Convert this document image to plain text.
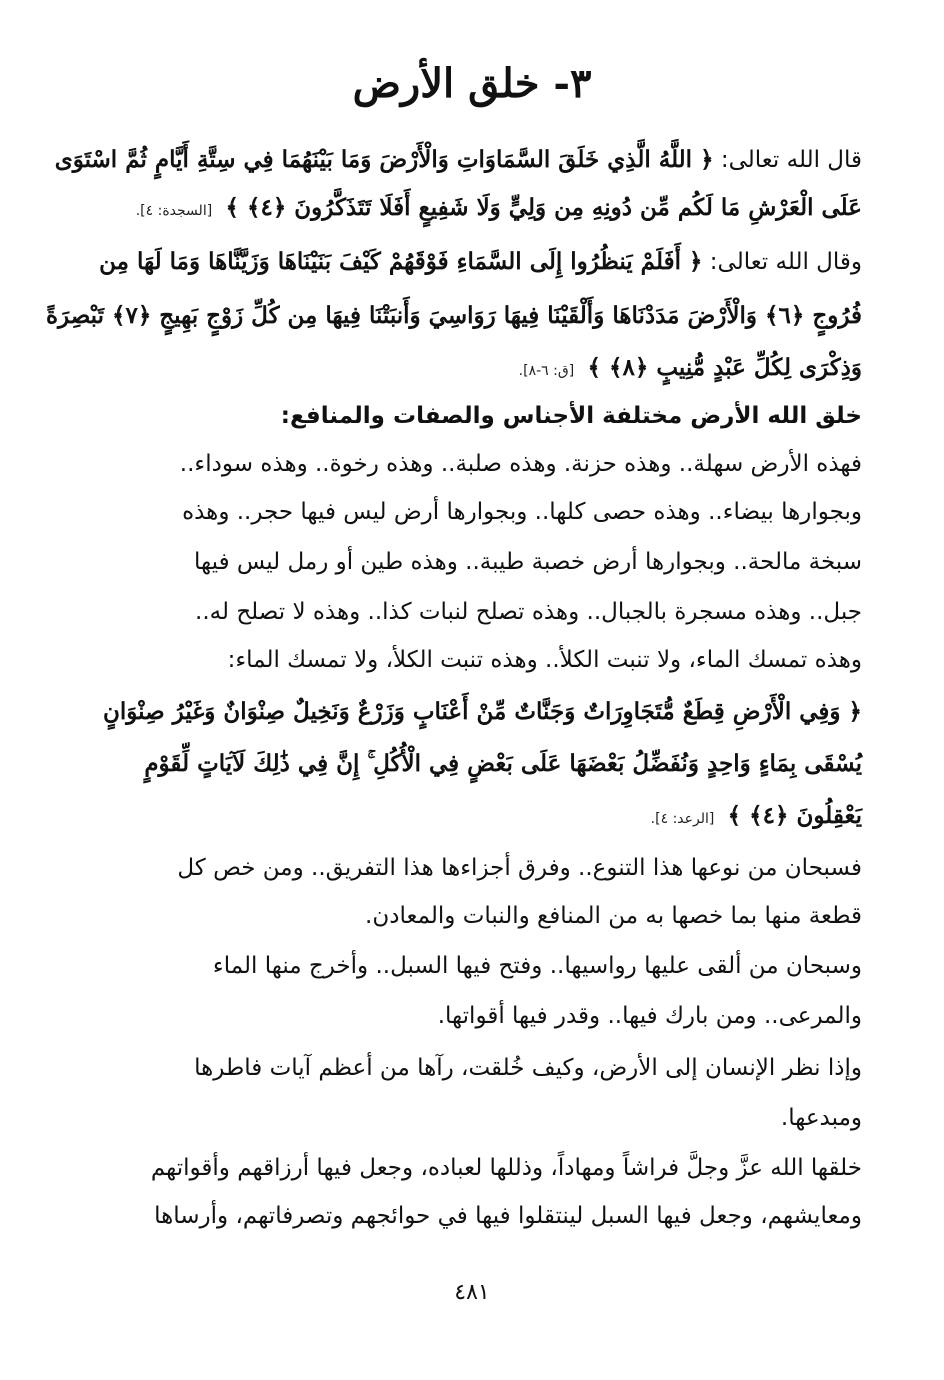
٣- خلق الأرض
قال الله تعالى: ﴿ اللَّهُ الَّذِي خَلَقَ السَّمَاوَاتِ وَالْأَرْضَ وَمَا بَيْنَهُمَا فِي سِتَّةِ أَيَّامٍ ثُمَّ اسْتَوَى
عَلَى الْعَرْشِ مَا لَكُم مِّن دُونِهِ مِن وَلِيٍّ وَلَا شَفِيعٍ أَفَلَا تَتَذَكَّرُونَ ﴿٤﴾ ﴾ [السجدة: ٤].
وقال الله تعالى: ﴿ أَفَلَمْ يَنظُرُوا إِلَى السَّمَاءِ فَوْقَهُمْ كَيْفَ بَنَيْنَاهَا وَزَيَّنَّاهَا وَمَا لَهَا مِن
فُرُوجٍ ﴿٦﴾ وَالْأَرْضَ مَدَدْنَاهَا وَأَلْقَيْنَا فِيهَا رَوَاسِيَ وَأَنبَتْنَا فِيهَا مِن كُلِّ زَوْجٍ بَهِيجٍ ﴿٧﴾ تَبْصِرَةً
وَذِكْرَى لِكُلِّ عَبْدٍ مُّنِيبٍ ﴿٨﴾ ﴾ [ق: ٦-٨].
خلق الله الأرض مختلفة الأجناس والصفات والمنافع:
فهذه الأرض سهلة.. وهذه حزنة. وهذه صلبة.. وهذه رخوة.. وهذه سوداء..
وبجوارها بيضاء.. وهذه حصى كلها.. وبجوارها أرض ليس فيها حجر.. وهذه
سبخة مالحة.. وبجوارها أرض خصبة طيبة.. وهذه طين أو رمل ليس فيها
جبل.. وهذه مسجرة بالجبال.. وهذه تصلح لنبات كذا.. وهذه لا تصلح له..
وهذه تمسك الماء، ولا تنبت الكلأ.. وهذه تنبت الكلأ، ولا تمسك الماء:
﴿ وَفِي الْأَرْضِ قِطَعٌ مُّتَجَاوِرَاتٌ وَجَنَّاتٌ مِّنْ أَعْنَابٍ وَزَرْعٌ وَنَخِيلٌ صِنْوَانٌ وَغَيْرُ صِنْوَانٍ
يُسْقَى بِمَاءٍ وَاحِدٍ وَنُفَضِّلُ بَعْضَهَا عَلَى بَعْضٍ فِي الْأُكُلِ ۚ إِنَّ فِي ذَٰلِكَ لَآيَاتٍ لِّقَوْمٍ
يَعْقِلُونَ ﴿٤﴾ ﴾ [الرعد: ٤].
فسبحان من نوعها هذا التنوع.. وفرق أجزاءها هذا التفريق.. ومن خص كل
قطعة منها بما خصها به من المنافع والنبات والمعادن.
وسبحان من ألقى عليها رواسيها.. وفتح فيها السبل.. وأخرج منها الماء
والمرعى.. ومن بارك فيها.. وقدر فيها أقواتها.
وإذا نظر الإنسان إلى الأرض، وكيف خُلقت، رآها من أعظم آيات فاطرها
ومبدعها.
خلقها الله عزَّ وجلَّ فراشاً ومهاداً، وذللها لعباده، وجعل فيها أرزاقهم وأقواتهم
ومعايشهم، وجعل فيها السبل لينتقلوا فيها في حوائجهم وتصرفاتهم، وأرساها
٤٨١
